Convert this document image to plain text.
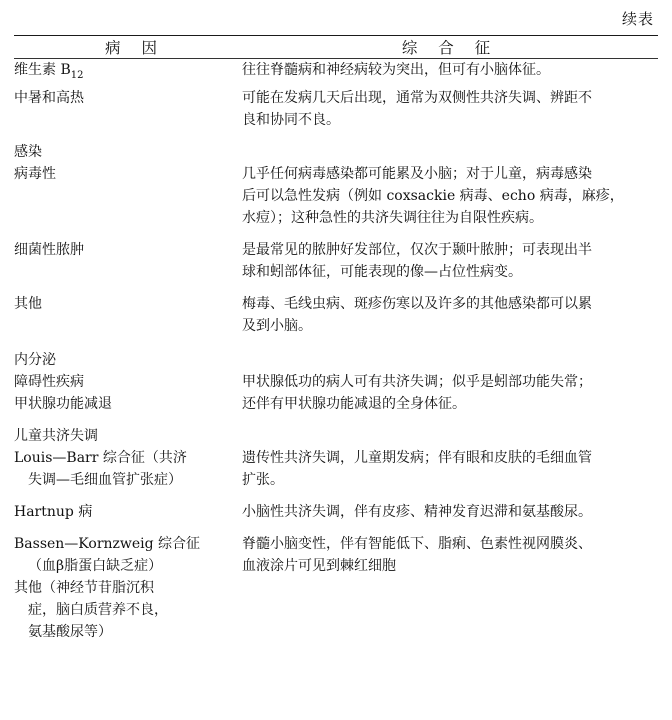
续表
病 因	综 合 征
维生素 $B_{12}$	往往脊髓病和神经病较为突出，但可有小脑体征。

中暑和高热	可能在发病几天后出现，通常为双侧性共济失调、辨距不
良和协同不良。

感染	
病毒性	几乎任何病毒感染都可能累及小脑；对于儿童，病毒感染
后可以急性发病（例如 coxsackie 病毒、echo 病毒，麻疹，
水痘）；这种急性的共济失调往往为自限性疾病。

细菌性脓肿	是最常见的脓肿好发部位，仅次于颞叶脓肿；可表现出半
球和蚓部体征，可能表现的像—占位性病变。

其他	梅毒、毛线虫病、斑疹伤寒以及许多的其他感染都可以累
及到小脑。

内分泌	
障碍性疾病	甲状腺低功的病人可有共济失调；似乎是蚓部功能失常；

甲状腺功能减退	还伴有甲状腺功能减退的全身体征。

儿童共济失调	
Louis—Barr 综合征（共济
失调—毛细血管扩张症）	遗传性共济失调，儿童期发病；伴有眼和皮肤的毛细血管
扩张。

Hartnup 病	小脑性共济失调，伴有皮疹、精神发育迟滞和氨基酸尿。

Bassen—Kornzweig 综合征
（血β脂蛋白缺乏症）	脊髓小脑变性，伴有智能低下、脂痢、色素性视网膜炎、
血液涂片可见到棘红细胞

其他（神经节苷脂沉积
症，脑白质营养不良，
氨基酸尿等）	
